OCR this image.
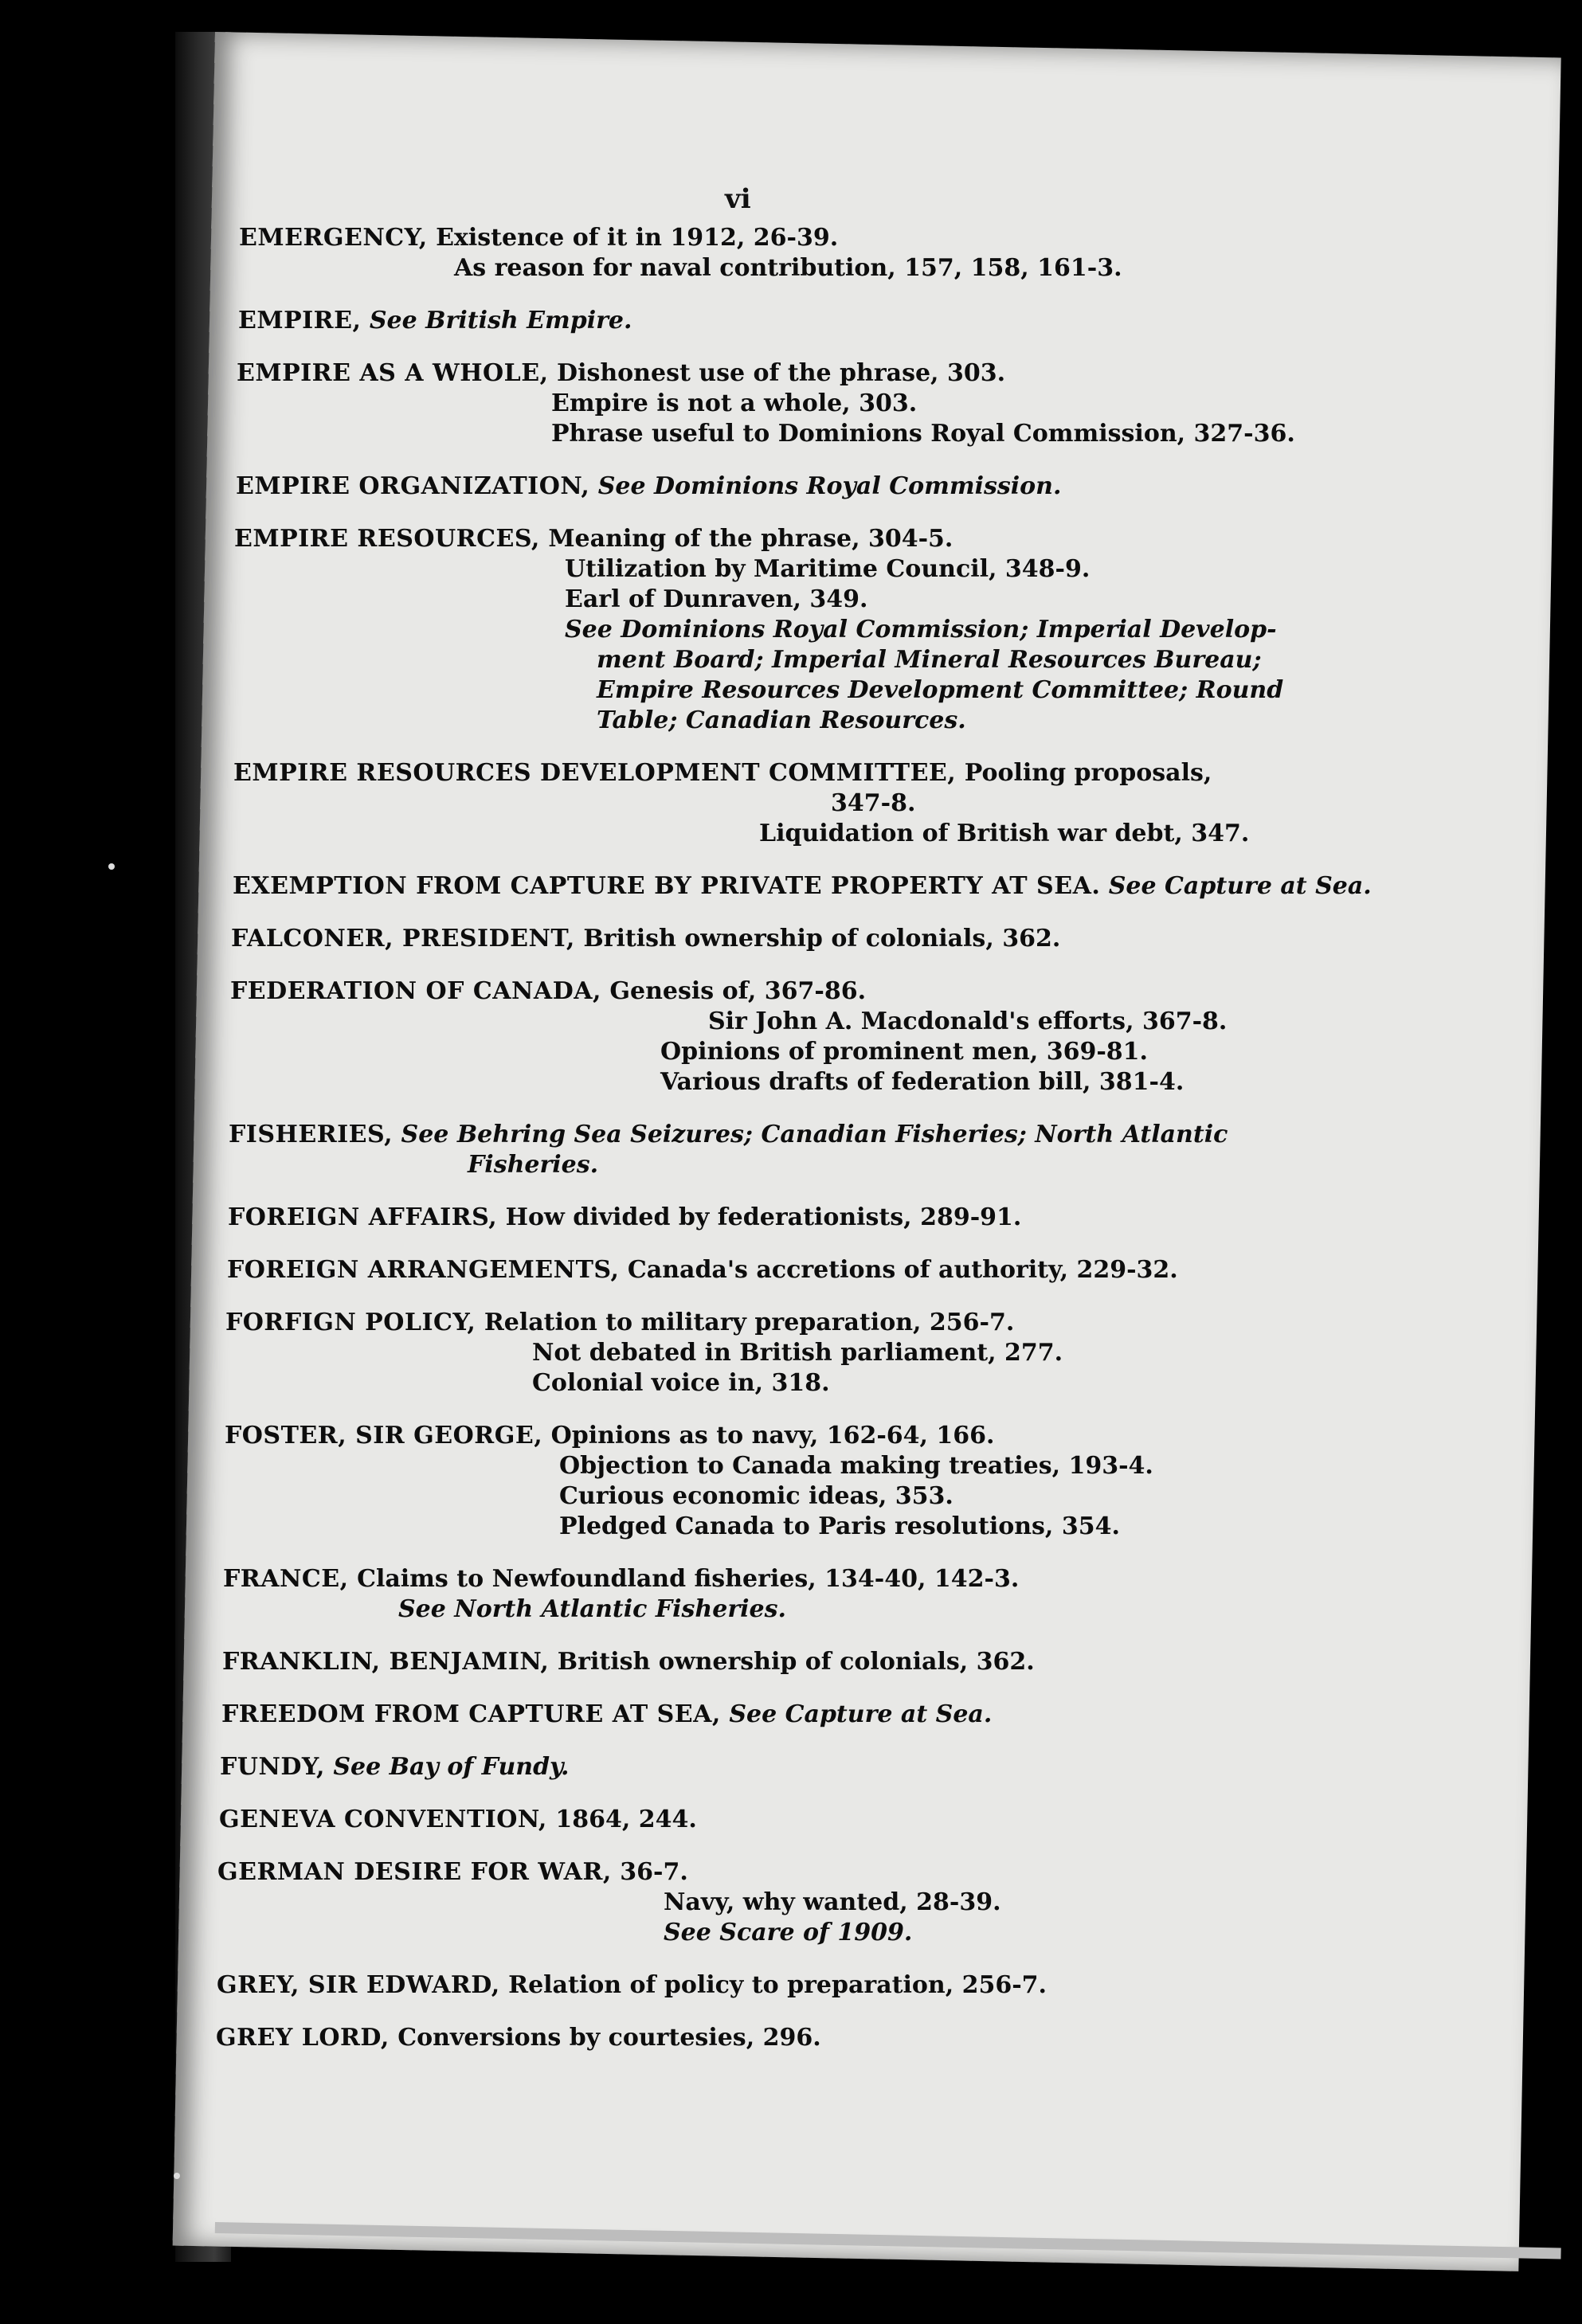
vi
EMERGENCY, Existence of it in 1912, 26-39.
As reason for naval contribution, 157, 158, 161-3.
EMPIRE, See British Empire.
EMPIRE AS A WHOLE, Dishonest use of the phrase, 303.
Empire is not a whole, 303.
Phrase useful to Dominions Royal Commission, 327-36.
EMPIRE ORGANIZATION, See Dominions Royal Commission.
EMPIRE RESOURCES, Meaning of the phrase, 304-5.
Utilization by Maritime Council, 348-9.
Earl of Dunraven, 349.
See Dominions Royal Commission; Imperial Develop-
ment Board; Imperial Mineral Resources Bureau;
Empire Resources Development Committee; Round
Table; Canadian Resources.
EMPIRE RESOURCES DEVELOPMENT COMMITTEE, Pooling proposals,
347-8.
Liquidation of British war debt, 347.
EXEMPTION FROM CAPTURE BY PRIVATE PROPERTY AT SEA. See Capture at Sea.
FALCONER, PRESIDENT, British ownership of colonials, 362.
FEDERATION OF CANADA, Genesis of, 367-86.
Sir John A. Macdonald's efforts, 367-8.
Opinions of prominent men, 369-81.
Various drafts of federation bill, 381-4.
FISHERIES, See Behring Sea Seizures; Canadian Fisheries; North Atlantic
Fisheries.
FOREIGN AFFAIRS, How divided by federationists, 289-91.
FOREIGN ARRANGEMENTS, Canada's accretions of authority, 229-32.
FORFIGN POLICY, Relation to military preparation, 256-7.
Not debated in British parliament, 277.
Colonial voice in, 318.
FOSTER, SIR GEORGE, Opinions as to navy, 162-64, 166.
Objection to Canada making treaties, 193-4.
Curious economic ideas, 353.
Pledged Canada to Paris resolutions, 354.
FRANCE, Claims to Newfoundland fisheries, 134-40, 142-3.
See North Atlantic Fisheries.
FRANKLIN, BENJAMIN, British ownership of colonials, 362.
FREEDOM FROM CAPTURE AT SEA, See Capture at Sea.
FUNDY, See Bay of Fundy.
GENEVA CONVENTION, 1864, 244.
GERMAN DESIRE FOR WAR, 36-7.
Navy, why wanted, 28-39.
See Scare of 1909.
GREY, SIR EDWARD, Relation of policy to preparation, 256-7.
GREY LORD, Conversions by courtesies, 296.
